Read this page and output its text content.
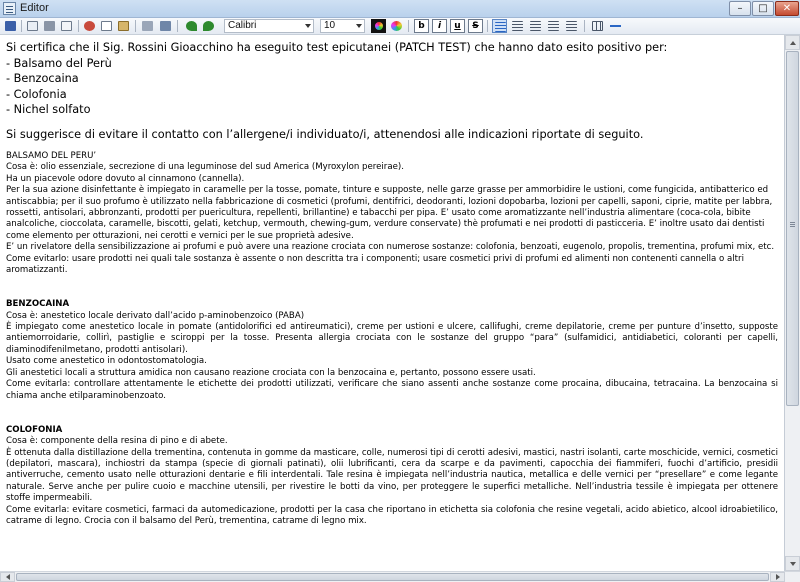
Editor	–	□	✕
Calibri	10	b	i	u	S
Si certifica che il Sig. Rossini Gioacchino ha eseguito test epicutanei (PATCH TEST) che hanno dato esito positivo per:
- Balsamo del Perù
- Benzocaina
- Colofonia
- Nichel solfato
Si suggerisce di evitare il contatto con l’allergene/i individuato/i, attenendosi alle indicazioni riportate di seguito.
BALSAMO DEL PERU’
Cosa è: olio essenziale, secrezione di una leguminose del sud America (Myroxylon pereirae).
Ha un piacevole odore dovuto al cinnamono (cannella).
Per la sua azione disinfettante è impiegato in caramelle per la tosse, pomate, tinture e supposte, nelle garze grasse per ammorbidire le ustioni, come fungicida, antibatterico ed antiscabbia; per il suo profumo è utilizzato nella fabbricazione di cosmetici (profumi, dentifrici, deodoranti, lozioni dopobarba, lozioni per capelli, saponi, ciprie, matite per labbra, rossetti, antisolari, abbronzanti, prodotti per puericultura, repellenti, brillantine) e tabacchi per pipa. E’ usato come aromatizzante nell’industria alimentare (coca-cola, bibite analcoliche, cioccolata, caramelle, biscotti, gelati, ketchup, vermouth, chewing-gum, verdure conservate) thè profumati e nei prodotti di pasticceria. E’ inoltre usato dai dentisti come elemento per otturazioni, nei cerotti e vernici per le sue proprietà adesive.
E’ un rivelatore della sensibilizzazione ai profumi e può avere una reazione crociata con numerose sostanze: colofonia, benzoati, eugenolo, propolis, trementina, profumi mix, etc.
Come evitarlo: usare prodotti nei quali tale sostanza è assente o non descritta tra i componenti; usare cosmetici privi di profumi ed alimenti non contenenti cannella o altri aromatizzanti.
BENZOCAINA
Cosa è: anestetico locale derivato dall’acido p-aminobenzoico (PABA)
È impiegato come anestetico locale in pomate (antidolorifici ed antireumatici), creme per ustioni e ulcere, callifughi, creme depilatorie, creme per punture d’insetto, supposte antiemorroidarie, collirì, pastiglie e sciroppi per la tosse. Presenta allergia crociata con le sostanze del gruppo “para” (sulfamidici, antidiabetici, coloranti per capelli, diaminodifenilmetano, prodotti antisolari).
Usato come anestetico in odontostomatologia.
Gli anestetici locali a struttura amidica non causano reazione crociata con la benzocaina e, pertanto, possono essere usati.
Come evitarla: controllare attentamente le etichette dei prodotti utilizzati, verificare che siano assenti anche sostanze come procaina, dibucaina, tetracaina. La benzocaina si chiama anche etilparaminobenzoato.
COLOFONIA
Cosa è: componente della resina di pino e di abete.
È ottenuta dalla distillazione della trementina, contenuta in gomme da masticare, colle, numerosi tipi di cerotti adesivi, mastici, nastri isolanti, carte moschicide, vernici, cosmetici (depilatori, mascara), inchiostri da stampa (specie di giornali patinati), olii lubrificanti, cera da scarpe e da pavimenti, capocchia dei fiammiferi, fuochi d’artificio, presidii antiverruche, cemento usato nelle otturazioni dentarie e fili interdentali. Tale resina è impiegata nell’industria nautica, metallica e delle vernici per “presellare” e come legante naturale. Serve anche per pulire cuoio e macchine utensili, per rivestire le botti da vino, per proteggere le superfici metalliche. Nell’industria tessile è impiegata per ottenere stoffe impermeabili.
Come evitarla: evitare cosmetici, farmaci da automedicazione, prodotti per la casa che riportano in etichetta sia colofonia che resine vegetali, acido abietico, alcool idroabietilico, catrame di legno. Crocia con il balsamo del Perù, trementina, catrame di legno mix.
